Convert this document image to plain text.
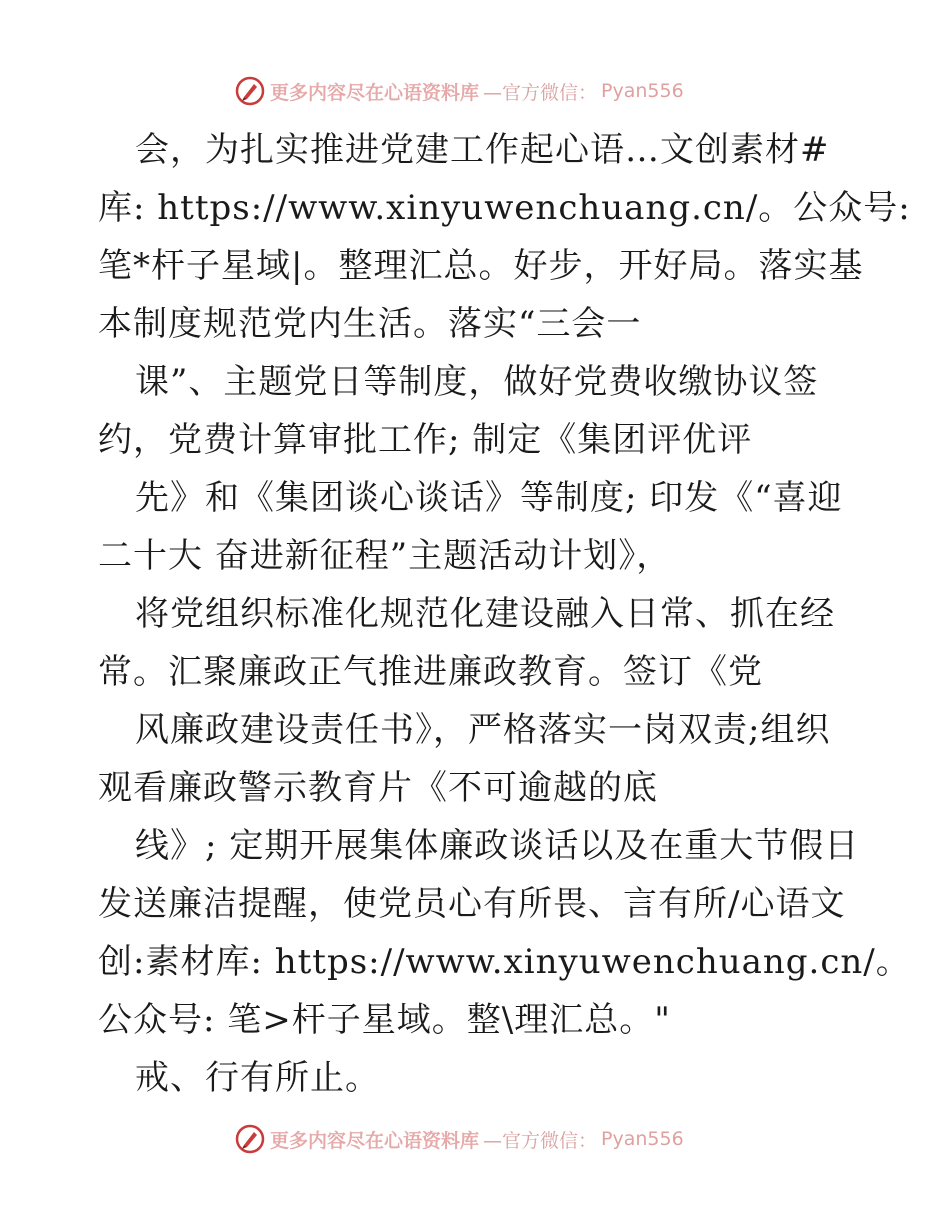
更多内容尽在心语资料库 —官方微信： Pyan556
会，为扎实推进党建工作起心语…文创素材#
库: https://www.xinyuwenchuang.cn/。公众号:
笔*杆子星域|。整理汇总。好步，开好局。落实基
本制度规范党内生活。落实“三会一
课”、主题党日等制度，做好党费收缴协议签
约，党费计算审批工作; 制定《集团评优评
先》和《集团谈心谈话》等制度; 印发《“喜迎
二十大 奋进新征程”主题活动计划》，
将党组织标准化规范化建设融入日常、抓在经
常。汇聚廉政正气推进廉政教育。签订《党
风廉政建设责任书》，严格落实一岗双责;组织
观看廉政警示教育片《不可逾越的底
线》; 定期开展集体廉政谈话以及在重大节假日
发送廉洁提醒，使党员心有所畏、言有所/心语文
创:素材库: https://www.xinyuwenchuang.cn/。
公众号: 笔>杆子星域。整\理汇总。"
戒、行有所止。
更多内容尽在心语资料库 —官方微信： Pyan556
